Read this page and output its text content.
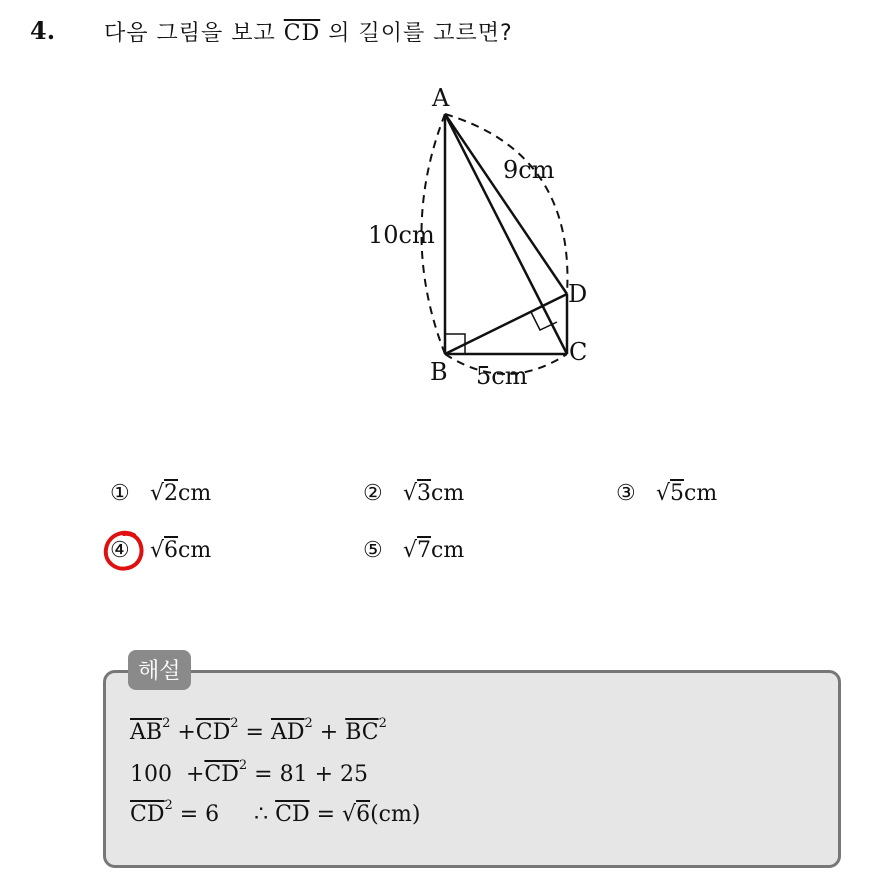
4. 다음 그림을 보고 $\overline{CD}$ 의 길이를 고르면?
A
B
C
D
10cm
9cm
5cm
① √ 2 cm	② √ 3 cm	③ √ 5 cm
④ √ 6 cm	⑤ √ 7 cm
해설
$\overline{AB}^2 +\overline{CD}^2 = \overline{AD}^2 + \overline{BC}^2$
$100 +\overline{CD}^2 = 81 + 25$
$\overline{CD}^2 = 6$     ∴ $\overline{CD} = √6(cm)$
